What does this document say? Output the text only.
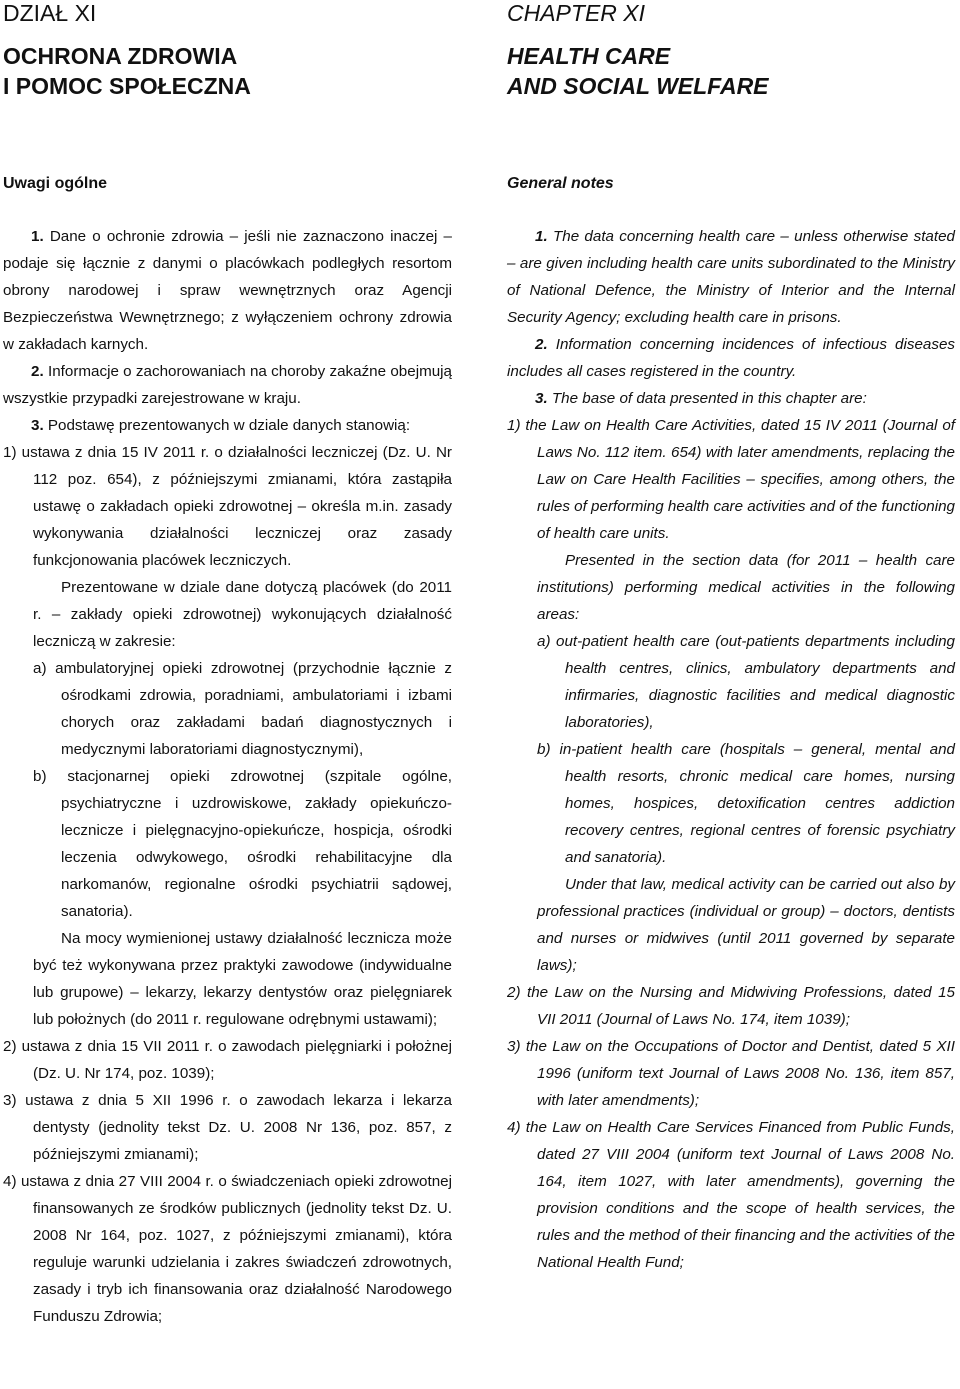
DZIAŁ XI
OCHRONA ZDROWIA
I POMOC SPOŁECZNA
Uwagi ogólne

1. Dane o ochronie zdrowia – jeśli nie zaznaczono inaczej – podaje się łącznie z danymi o placówkach podległych resortom obrony narodowej i spraw wewnętrznych oraz Agencji Bezpieczeństwa Wewnętrznego; z wyłączeniem ochrony zdrowia w zakładach karnych.

2. Informacje o zachorowaniach na choroby zakaźne obejmują wszystkie przypadki zarejestrowane w kraju.

3. Podstawę prezentowanych w dziale danych stanowią:

1) ustawa z dnia 15 IV 2011 r. o działalności leczniczej (Dz. U. Nr 112 poz. 654), z późniejszymi zmianami, która zastąpiła ustawę o zakładach opieki zdrowotnej – określa m.in. zasady wykonywania działalności leczniczej oraz zasady funkcjonowania placówek leczniczych.

Prezentowane w dziale dane dotyczą placówek (do 2011 r. – zakłady opieki zdrowotnej) wykonujących działalność leczniczą w zakresie:

a) ambulatoryjnej opieki zdrowotnej (przychodnie łącznie z ośrodkami zdrowia, poradniami, ambulatoriami i izbami chorych oraz zakładami badań diagnostycznych i medycznymi laboratoriami diagnostycznymi),

b) stacjonarnej opieki zdrowotnej (szpitale ogólne, psychiatryczne i uzdrowiskowe, zakłady opiekuńczo-lecznicze i pielęgnacyjno-opiekuńcze, hospicja, ośrodki leczenia odwykowego, ośrodki rehabilitacyjne dla narkomanów, regionalne ośrodki psychiatrii sądowej, sanatoria).

Na mocy wymienionej ustawy działalność lecznicza może być też wykonywana przez praktyki zawodowe (indywidualne lub grupowe) – lekarzy, lekarzy dentystów oraz pielęgniarek lub położnych (do 2011 r. regulowane odrębnymi ustawami);

2) ustawa z dnia 15 VII 2011 r. o zawodach pielęgniarki i położnej (Dz. U. Nr 174, poz. 1039);

3) ustawa z dnia 5 XII 1996 r. o zawodach lekarza i lekarza dentysty (jednolity tekst Dz. U. 2008 Nr 136, poz. 857, z późniejszymi zmianami);

4) ustawa z dnia 27 VIII 2004 r. o świadczeniach opieki zdrowotnej finansowanych ze środków publicznych (jednolity tekst Dz. U. 2008 Nr 164, poz. 1027, z późniejszymi zmianami), która reguluje warunki udzielania i zakres świadczeń zdrowotnych, zasady i tryb ich finansowania oraz działalność Narodowego Funduszu Zdrowia;

CHAPTER XI
HEALTH CARE
AND SOCIAL WELFARE
General notes

1. The data concerning health care – unless otherwise stated – are given including health care units subordinated to the Ministry of National Defence, the Ministry of Interior and the Internal Security Agency; excluding health care in prisons.

2. Information concerning incidences of infectious diseases includes all cases registered in the country.

3. The base of data presented in this chapter are:

1) the Law on Health Care Activities, dated 15 IV 2011 (Journal of Laws No. 112 item. 654) with later amendments, replacing the Law on Care Health Facilities – specifies, among others, the rules of performing health care activities and of the functioning of health care units.

Presented in the section data (for 2011 – health care institutions) performing medical activities in the following areas:

a) out-patient health care (out-patients departments including health centres, clinics, ambulatory departments and infirmaries, diagnostic facilities and medical diagnostic laboratories),

b) in-patient health care (hospitals – general, mental and health resorts, chronic medical care homes, nursing homes, hospices, detoxification centres addiction recovery centres, regional centres of forensic psychiatry and sanatoria).

Under that law, medical activity can be carried out also by professional practices (individual or group) – doctors, dentists and nurses or midwives (until 2011 governed by separate laws);

2) the Law on the Nursing and Midwiving Professions, dated 15 VII 2011 (Journal of Laws No. 174, item 1039);

3) the Law on the Occupations of Doctor and Dentist, dated 5 XII 1996 (uniform text Journal of Laws 2008 No. 136, item 857, with later amendments);

4) the Law on Health Care Services Financed from Public Funds, dated 27 VIII 2004 (uniform text Journal of Laws 2008 No. 164, item 1027, with later amendments), governing the provision conditions and the scope of health services, the rules and the method of their financing and the activities of the National Health Fund;
